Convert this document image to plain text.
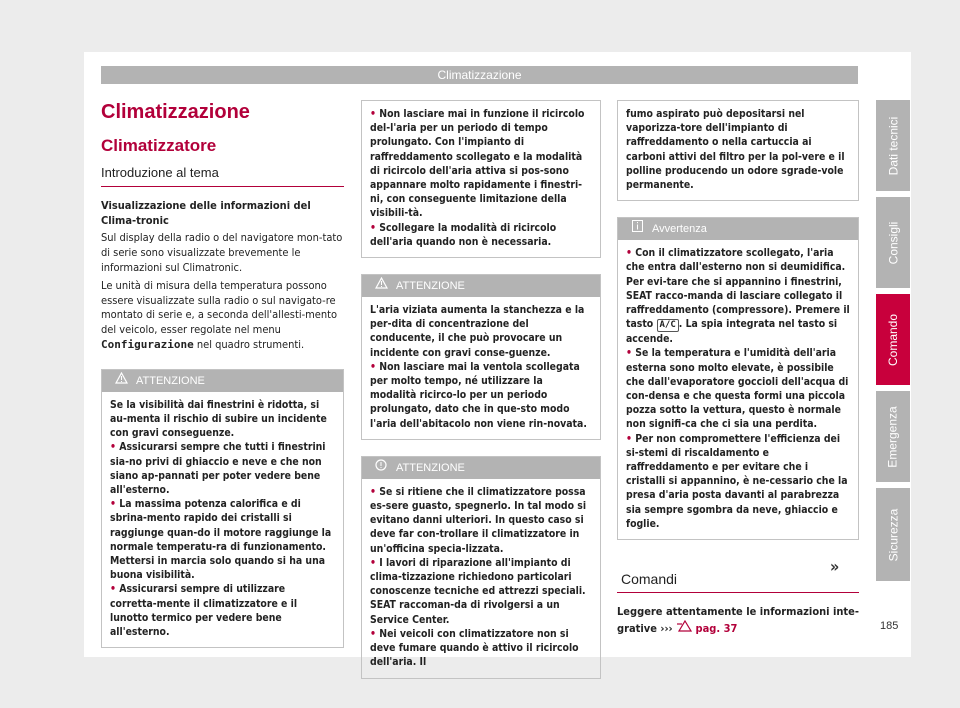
Climatizzazione
Climatizzazione
Climatizzatore
Introduzione al tema

Visualizzazione delle informazioni del Clima-tronic

Sul display della radio o del navigatore mon-tato di serie sono visualizzate brevemente le informazioni sul Climatronic.

Le unità di misura della temperatura possono essere visualizzate sulla radio o sul navigato-re montato di serie e, a seconda dell'allesti-mento del veicolo, esser regolate nel menu Configurazione nel quadro strumenti.

ATTENZIONE
Se la visibilità dai finestrini è ridotta, si au-menta il rischio di subire un incidente con gravi conseguenze.
• Assicurarsi sempre che tutti i finestrini sia-no privi di ghiaccio e neve e che non siano ap-pannati per poter vedere bene all'esterno.
• La massima potenza calorifica e di sbrina-mento rapido dei cristalli si raggiunge quan-do il motore raggiunge la normale temperatu-ra di funzionamento. Mettersi in marcia solo quando si ha una buona visibilità.
• Assicurarsi sempre di utilizzare corretta-mente il climatizzatore e il lunotto termico per vedere bene all'esterno.
• Non lasciare mai in funzione il ricircolo del-l'aria per un periodo di tempo prolungato. Con l'impianto di raffreddamento scollegato e la modalità di ricircolo dell'aria attiva si pos-sono appannare molto rapidamente i finestri-ni, con conseguente limitazione della visibili-tà.
• Scollegare la modalità di ricircolo dell'aria quando non è necessaria.
ATTENZIONE
L'aria viziata aumenta la stanchezza e la per-dita di concentrazione del conducente, il che può provocare un incidente con gravi conse-guenze.
• Non lasciare mai la ventola scollegata per molto tempo, né utilizzare la modalità ricirco-lo per un periodo prolungato, dato che in que-sto modo l'aria dell'abitacolo non viene rin-novata.
ATTENZIONE
• Se si ritiene che il climatizzatore possa es-sere guasto, spegnerlo. In tal modo si evitano danni ulteriori. In questo caso si deve far con-trollare il climatizzatore in un'officina specia-lizzata.
• I lavori di riparazione all'impianto di clima-tizzazione richiedono particolari conoscenze tecniche ed attrezzi speciali. SEAT raccoman-da di rivolgersi a un Service Center.
• Nei veicoli con climatizzatore non si deve fumare quando è attivo il ricircolo dell'aria. Il
fumo aspirato può depositarsi nel vaporizza-tore dell'impianto di raffreddamento o nella cartuccia ai carboni attivi del filtro per la pol-vere e il polline producendo un odore sgrade-vole permanente.
Avvertenza
• Con il climatizzatore scollegato, l'aria che entra dall'esterno non si deumidifica. Per evi-tare che si appannino i finestrini, SEAT racco-manda di lasciare collegato il raffreddamento (compressore). Premere il tasto A/C . La spia integrata nel tasto si accende.
• Se la temperatura e l'umidità dell'aria esterna sono molto elevate, è possibile che dall'evaporatore goccioli dell'acqua di con-densa e che questa formi una piccola pozza sotto la vettura, questo è normale non signifi-ca che ci sia una perdita.
• Per non compromettere l'efficienza dei si-stemi di riscaldamento e raffreddamento e per evitare che i cristalli si appannino, è ne-cessario che la presa d'aria posta davanti al parabrezza sia sempre sgombra da neve, ghiaccio e foglie.
Comandi

Leggere attentamente le informazioni inte-grative ››› pag. 37

»
Dati tecnici
Consigli
Comando
Emergenza
Sicurezza
185
